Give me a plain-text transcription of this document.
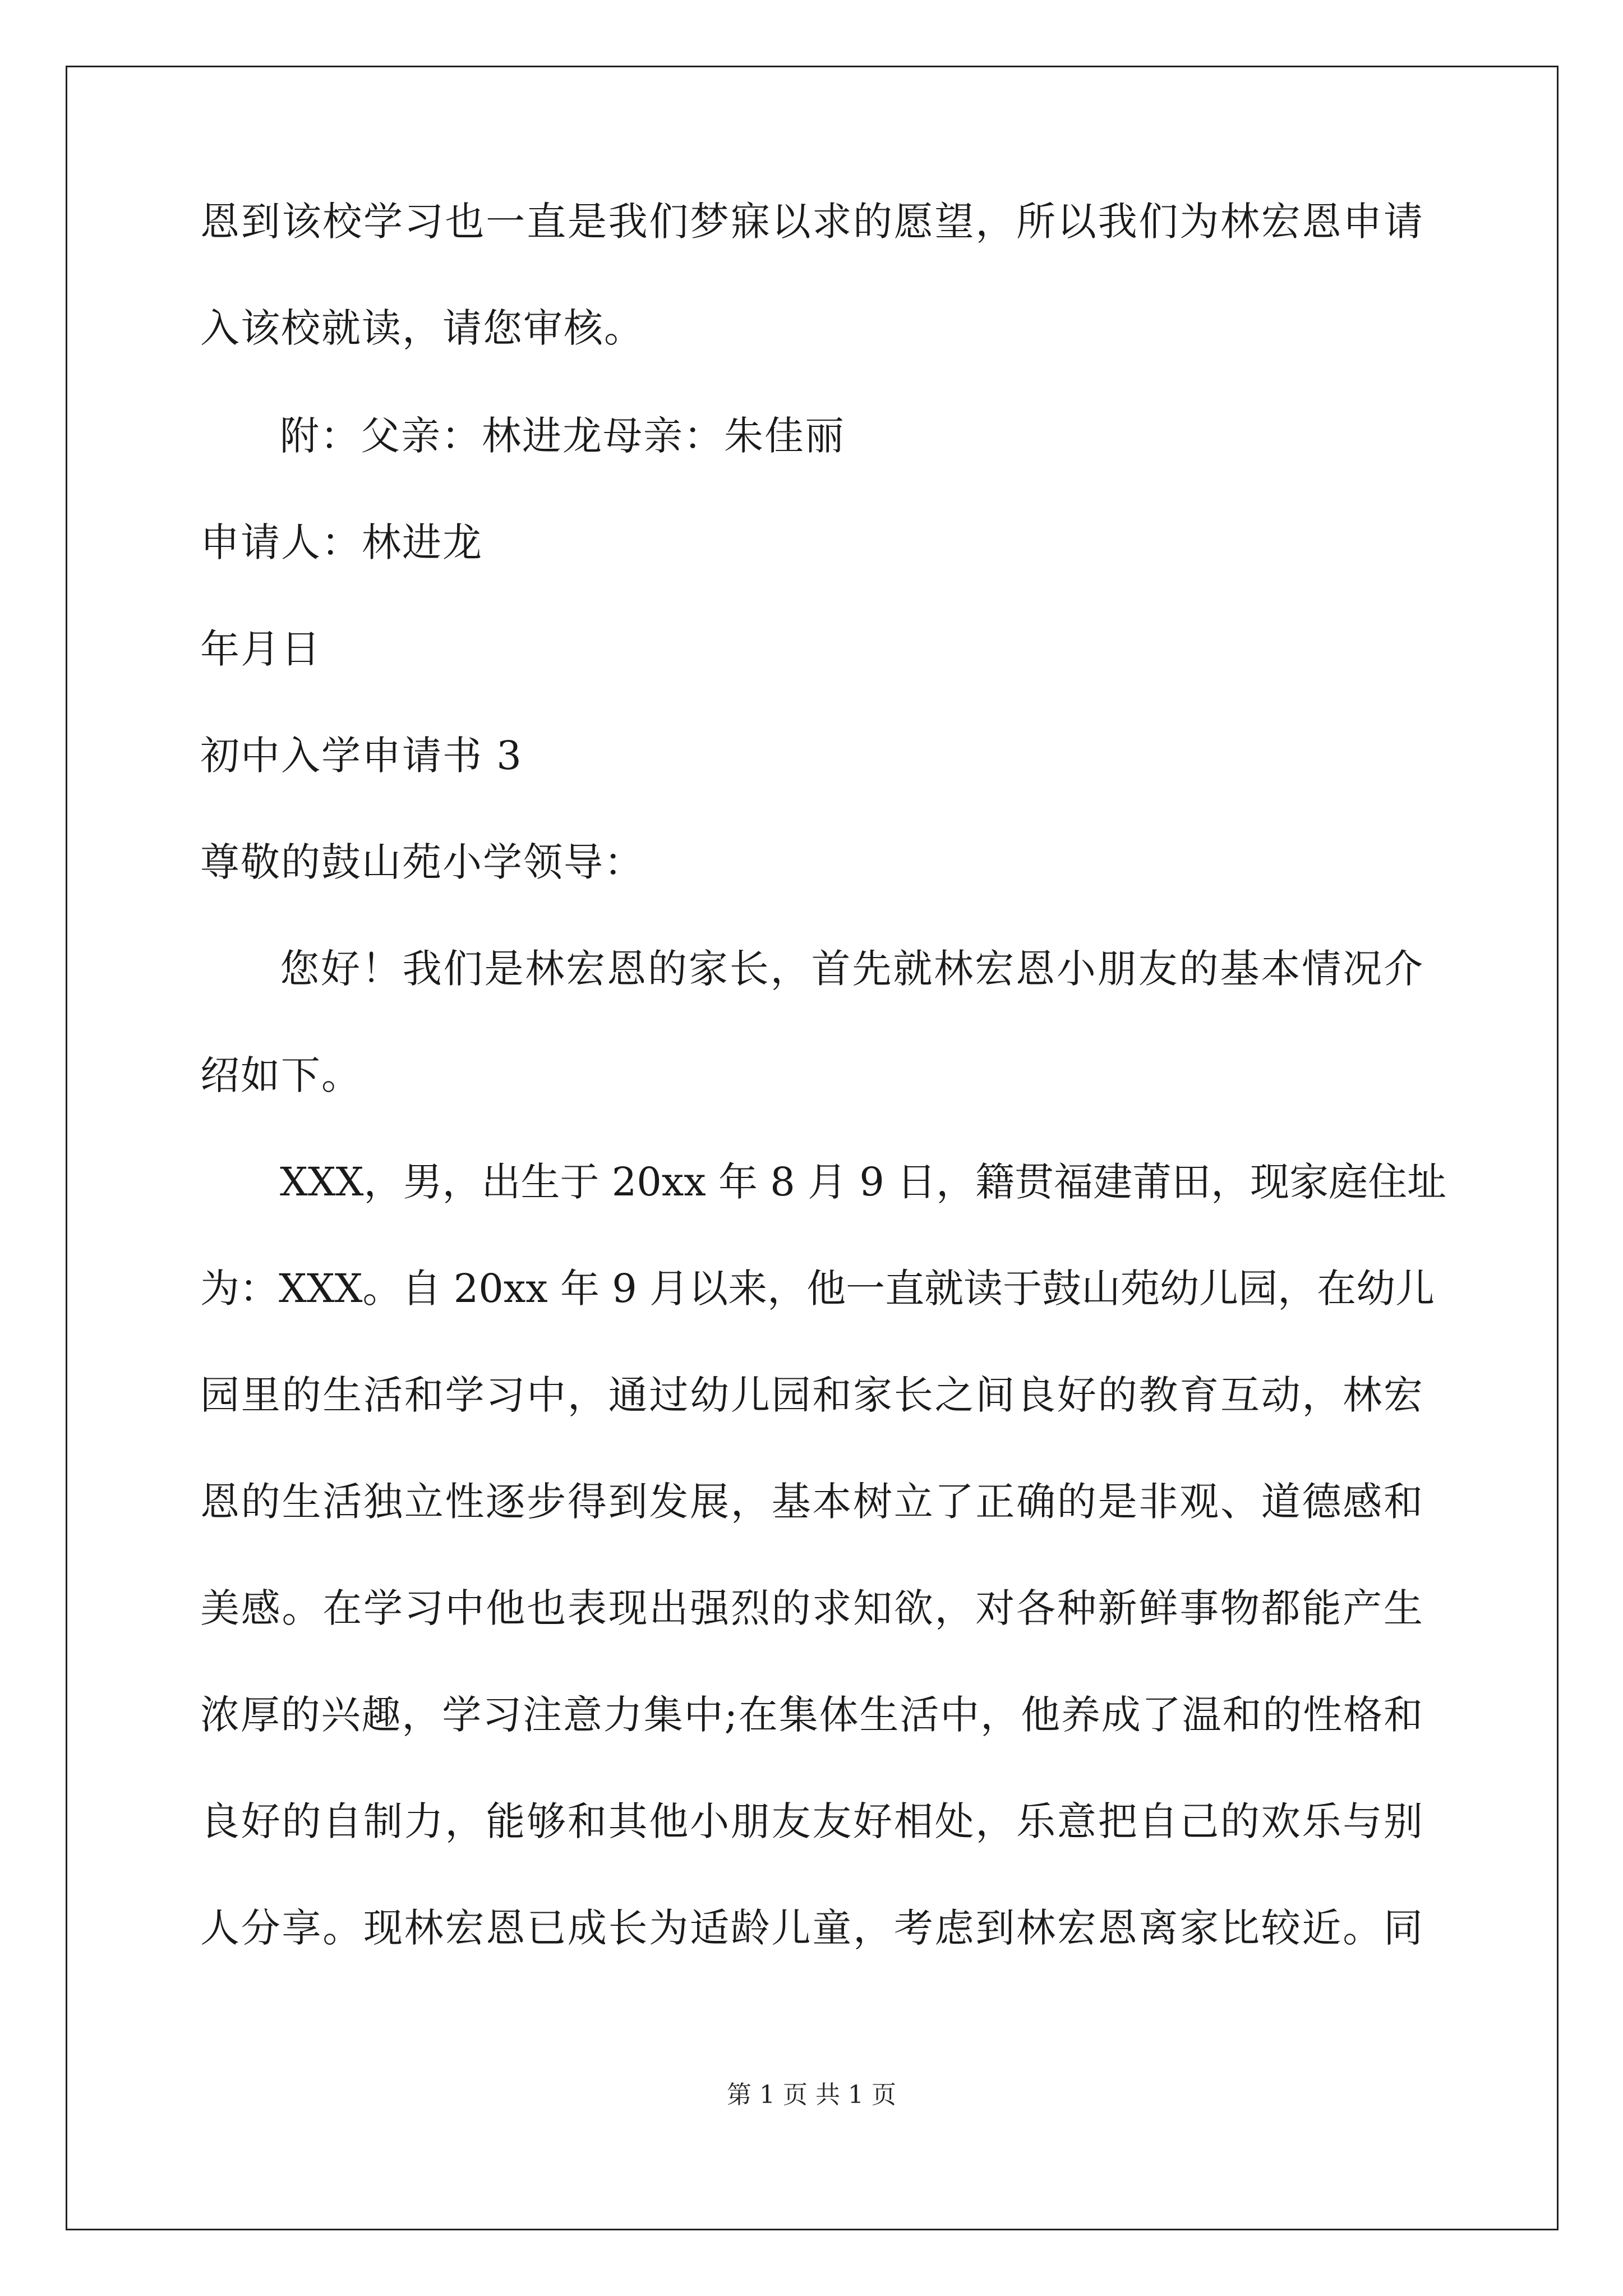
恩到该校学习也一直是我们梦寐以求的愿望，所以我们为林宏恩申请
入该校就读，请您审核。
附：父亲：林进龙母亲：朱佳丽
申请人：林进龙
年月日
初中入学申请书 3
尊敬的鼓山苑小学领导：
您好！我们是林宏恩的家长，首先就林宏恩小朋友的基本情况介
绍如下。
XXX，男，出生于 20xx 年 8 月 9 日，籍贯福建莆田，现家庭住址
为：XXX。自 20xx 年 9 月以来，他一直就读于鼓山苑幼儿园，在幼儿
园里的生活和学习中，通过幼儿园和家长之间良好的教育互动，林宏
恩的生活独立性逐步得到发展，基本树立了正确的是非观、道德感和
美感。在学习中他也表现出强烈的求知欲，对各种新鲜事物都能产生
浓厚的兴趣，学习注意力集中;在集体生活中，他养成了温和的性格和
良好的自制力，能够和其他小朋友友好相处，乐意把自己的欢乐与别
人分享。现林宏恩已成长为适龄儿童，考虑到林宏恩离家比较近。同
第 1 页 共 1 页
